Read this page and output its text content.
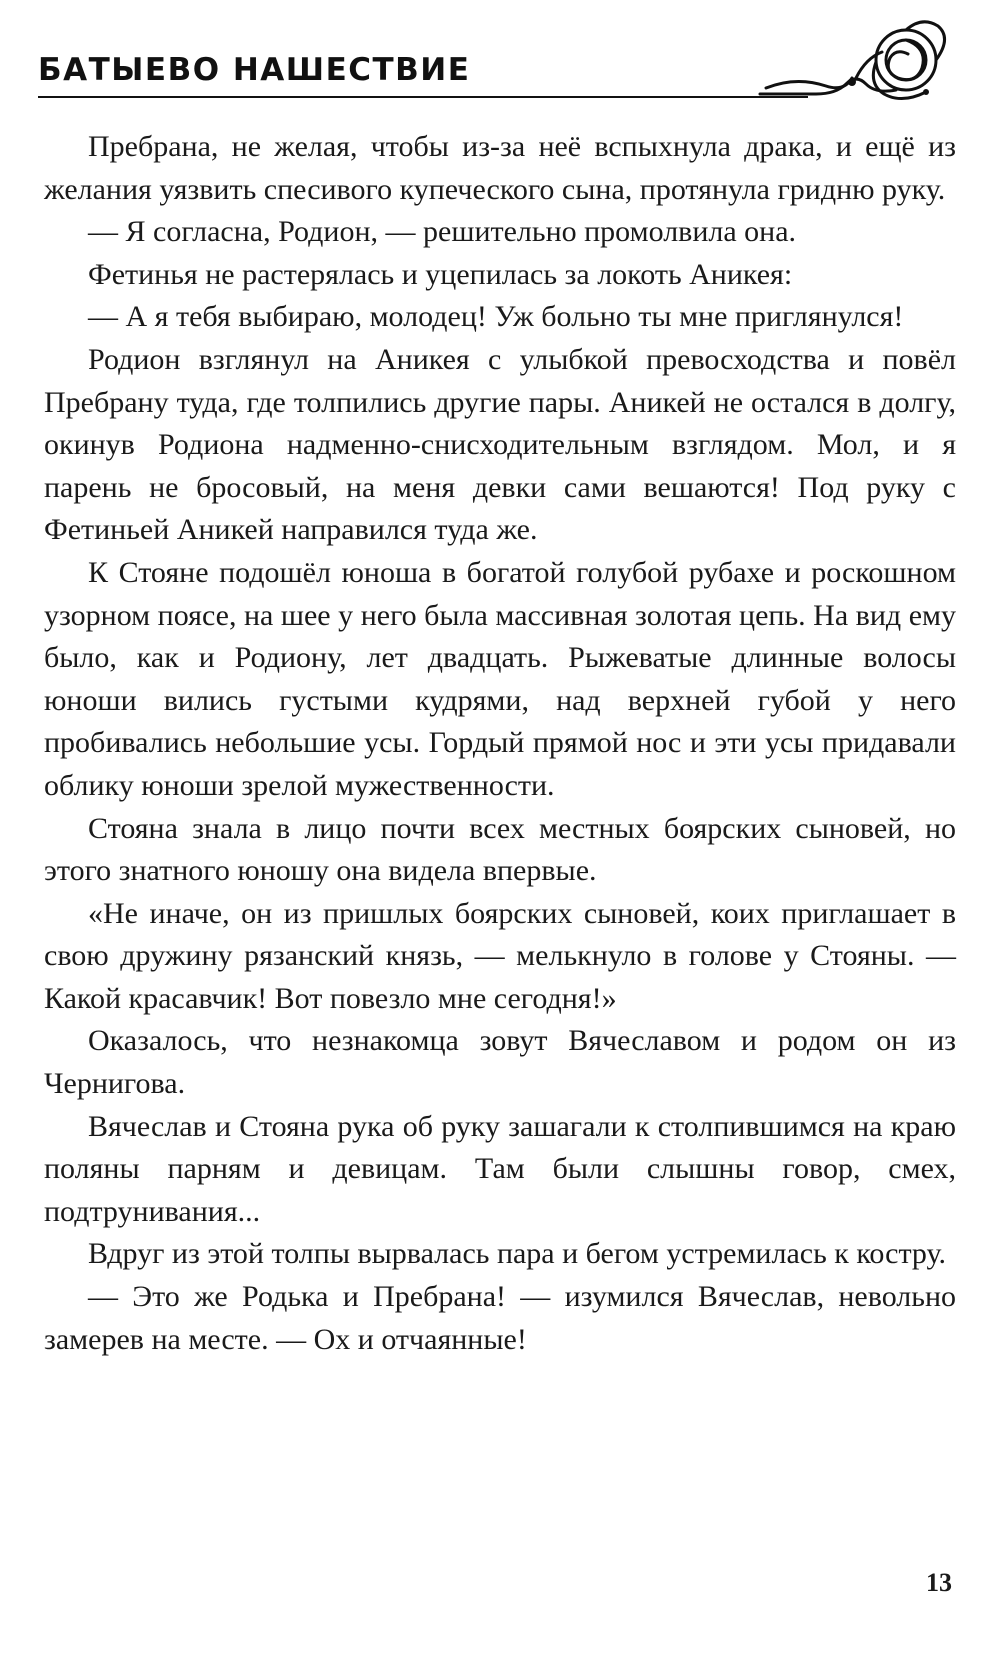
БАТЫЕВО НАШЕСТВИЕ

Пребрана, не желая, чтобы из-за неё вспыхнула драка, и ещё из желания уязвить спесивого купеческого сына, протянула гридню руку.

— Я согласна, Родион, — решительно промолвила она.

Фетинья не растерялась и уцепилась за локоть Аникея:

— А я тебя выбираю, молодец! Уж больно ты мне приглянулся!

Родион взглянул на Аникея с улыбкой превосходства и повёл Пребрану туда, где толпились другие пары. Аникей не остался в долгу, окинув Родиона надменно-снисходительным взглядом. Мол, и я парень не бросовый, на меня девки сами вешаются! Под руку с Фетиньей Аникей направился туда же.

К Стояне подошёл юноша в богатой голубой рубахе и роскошном узорном поясе, на шее у него была массивная золотая цепь. На вид ему было, как и Родиону, лет двадцать. Рыжеватые длинные волосы юноши вились густыми кудрями, над верхней губой у него пробивались небольшие усы. Гордый прямой нос и эти усы придавали облику юноши зрелой мужественности.

Стояна знала в лицо почти всех местных боярских сыновей, но этого знатного юношу она видела впервые.

«Не иначе, он из пришлых боярских сыновей, коих приглашает в свою дружину рязанский князь, — мелькнуло в голове у Стояны. — Какой красавчик! Вот повезло мне сегодня!»

Оказалось, что незнакомца зовут Вячеславом и родом он из Чернигова.

Вячеслав и Стояна рука об руку зашагали к столпившимся на краю поляны парням и девицам. Там были слышны говор, смех, подтрунивания...

Вдруг из этой толпы вырвалась пара и бегом устремилась к костру.

— Это же Родька и Пребрана! — изумился Вячеслав, невольно замерев на месте. — Ох и отчаянные!

13
